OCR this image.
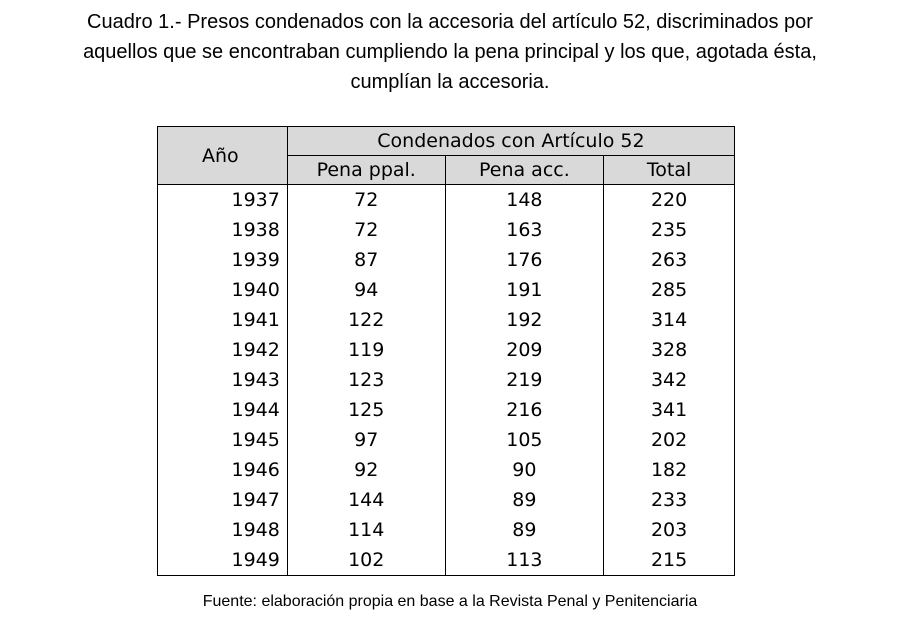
Cuadro 1.- Presos condenados con la accesoria del artículo 52, discriminados por
aquellos que se encontraban cumpliendo la pena principal y los que, agotada ésta,
cumplían la accesoria.
Año	Condenados con Artículo 52		
	Pena ppal.	Pena acc.	Total
1937	72	148	220
1938	72	163	235
1939	87	176	263
1940	94	191	285
1941	122	192	314
1942	119	209	328
1943	123	219	342
1944	125	216	341
1945	97	105	202
1946	92	90	182
1947	144	89	233
1948	114	89	203
1949	102	113	215
Fuente: elaboración propia en base a la Revista Penal y Penitenciaria
